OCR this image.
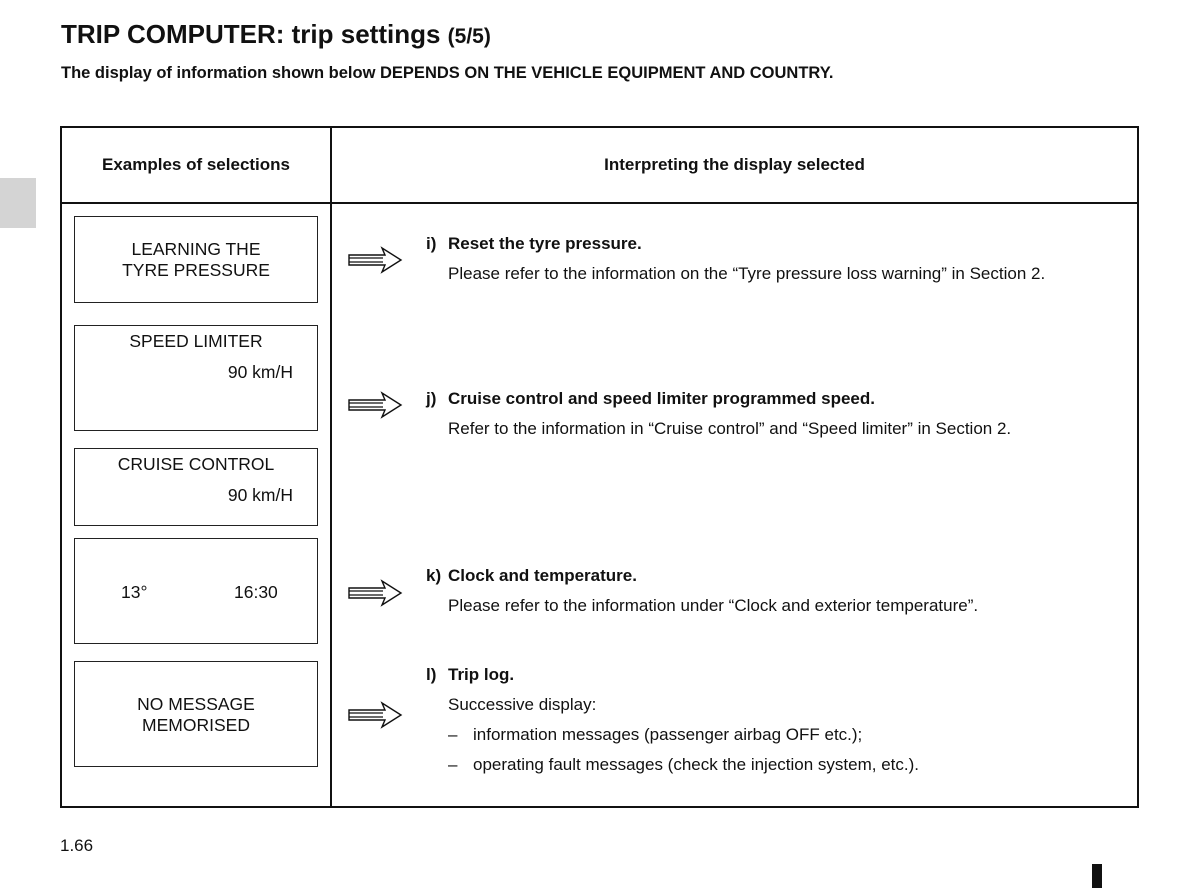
TRIP COMPUTER: trip settings (5/5)

The display of information shown below DEPENDS ON THE VEHICLE EQUIPMENT AND COUNTRY.

Examples of selections	Interpreting the display selected
LEARNING THE
TYRE PRESSURE
SPEED LIMITER
90 km/H
CRUISE CONTROL
90 km/H
13°	16:30
NO MESSAGE
MEMORISED
i) Reset the tyre pressure.
Please refer to the information on the “Tyre pressure loss warning” in Section 2.
j) Cruise control and speed limiter programmed speed.
Refer to the information in “Cruise control” and “Speed limiter” in Section 2.
k) Clock and temperature.
Please refer to the information under “Clock and exterior temperature”.
l) Trip log.
Successive display:
– information messages (passenger airbag OFF etc.);
– operating fault messages (check the injection system, etc.).
1.66
